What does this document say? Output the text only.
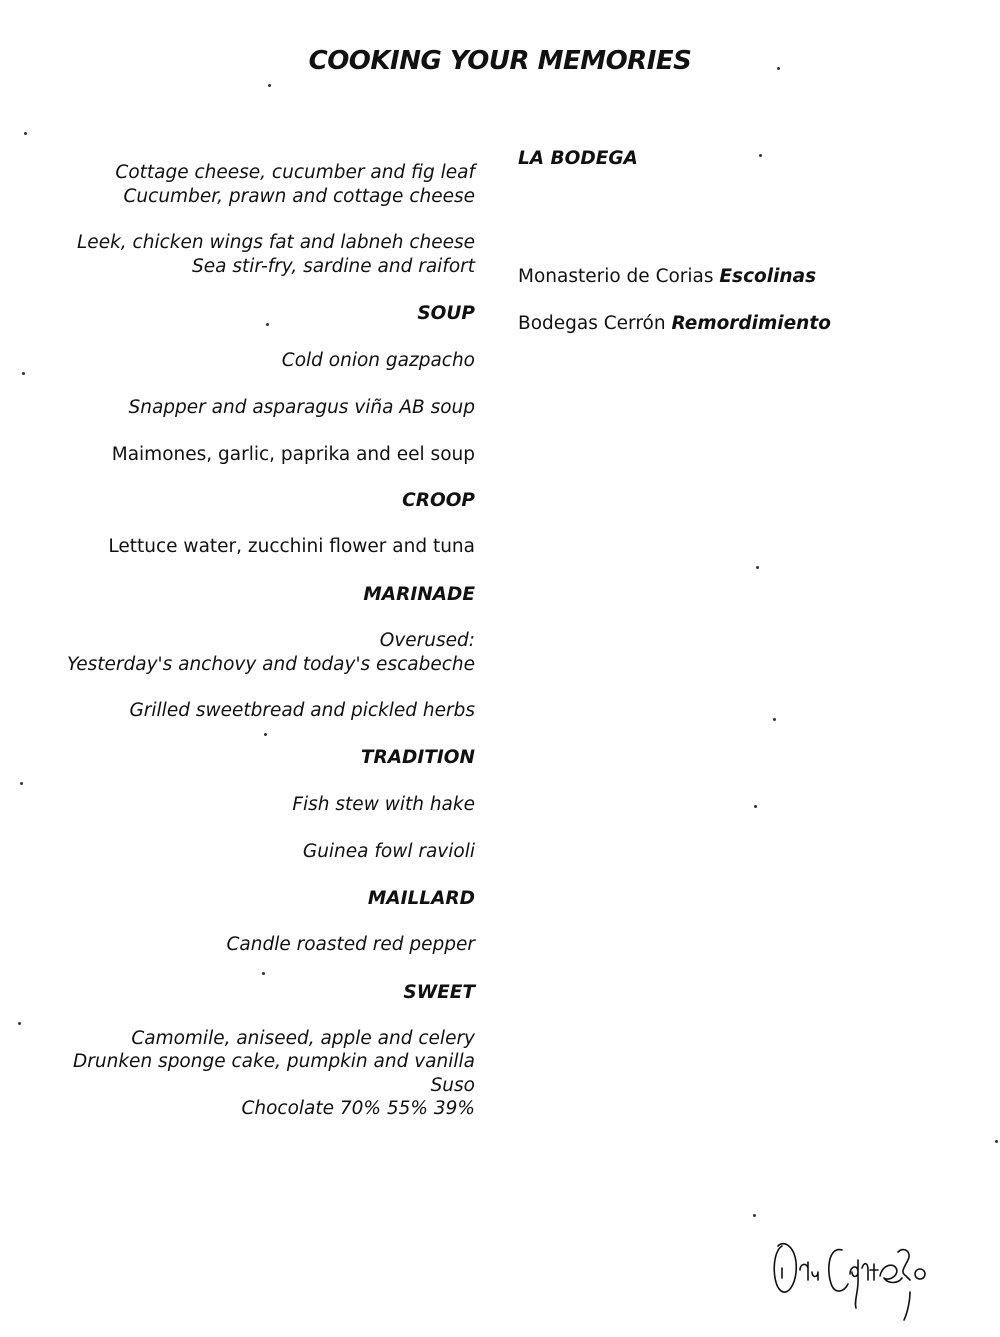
COOKING YOUR MEMORIES
Cottage cheese, cucumber and fig leaf
Cucumber, prawn and cottage cheese
Leek, chicken wings fat and labneh cheese
Sea stir-fry, sardine and raifort
SOUP
Cold onion gazpacho
Snapper and asparagus viña AB soup
Maimones, garlic, paprika and eel soup
CROOP
Lettuce water, zucchini flower and tuna
MARINADE
Overused:
Yesterday's anchovy and today's escabeche
Grilled sweetbread and pickled herbs
TRADITION
Fish stew with hake
Guinea fowl ravioli
MAILLARD
Candle roasted red pepper
SWEET
Camomile, aniseed, apple and celery
Drunken sponge cake, pumpkin and vanilla
Suso
Chocolate 70% 55% 39%
LA BODEGA
Monasterio de Corias Escolinas
Bodegas Cerrón Remordimiento
